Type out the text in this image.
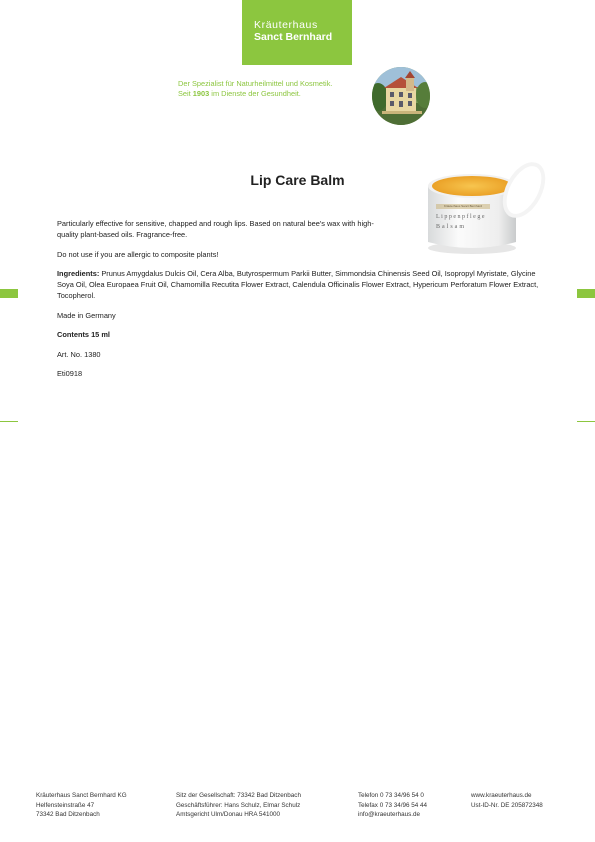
Kräuterhaus
Sanct Bernhard
Der Spezialist für Naturheilmittel und Kosmetik.
Seit 1903 im Dienste der Gesundheit.
Lip Care Balm
Kräuterhaus Sanct Bernhard
Lippenpflege
Balsam

Particularly effective for sensitive, chapped and rough lips. Based on natural bee's wax with high-quality plant-based oils. Fragrance-free.

Do not use if you are allergic to composite plants!

Ingredients: Prunus Amygdalus Dulcis Oil, Cera Alba, Butyrospermum Parkii Butter, Simmondsia Chinensis Seed Oil, Isopropyl Myristate, Glycine Soya Oil, Olea Europaea Fruit Oil, Chamomilla Recutita Flower Extract, Calendula Officinalis Flower Extract, Hypericum Perforatum Flower Extract, Tocopherol.

Made in Germany

Contents 15 ml

Art. No. 1380

Eti0918

Kräuterhaus Sanct Bernhard KG
Helfensteinstraße 47
73342 Bad Ditzenbach
Sitz der Gesellschaft: 73342 Bad Ditzenbach
Geschäftsführer: Hans Schulz, Elmar Schulz
Amtsgericht Ulm/Donau HRA 541000
Telefon 0 73 34/96 54 0
Telefax 0 73 34/96 54 44
info@kraeuterhaus.de
www.kraeuterhaus.de
Ust-ID-Nr. DE 205872348
